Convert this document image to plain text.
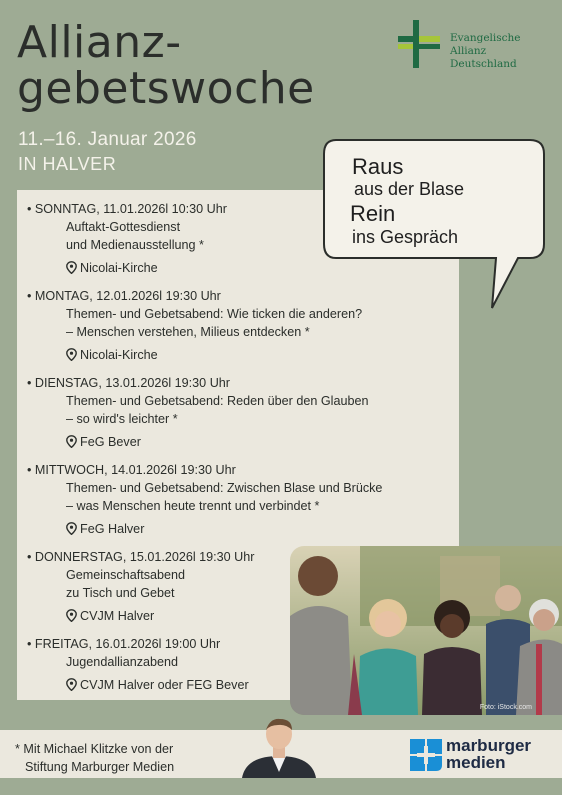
Allianz-
gebetswoche
11.–16. Januar 2026
IN HALVER
Evangelische Allianz
Deutschland
Raus
aus der Blase
Rein
ins Gespräch
• SONNTAG, 11.01.2026l 10:30 Uhr
Auftakt-Gottesdienst
und Medienausstellung *
Nicolai-Kirche
• MONTAG, 12.01.2026l 19:30 Uhr
Themen- und Gebetsabend: Wie ticken die anderen?
– Menschen verstehen, Milieus entdecken *
Nicolai-Kirche
• DIENSTAG, 13.01.2026l 19:30 Uhr
Themen- und Gebetsabend: Reden über den Glauben
– so wird's leichter *
FeG Bever
• MITTWOCH, 14.01.2026l 19:30 Uhr
Themen- und Gebetsabend: Zwischen Blase und Brücke
– was Menschen heute trennt und verbindet *
FeG Halver
• DONNERSTAG, 15.01.2026l 19:30 Uhr
Gemeinschaftsabend
zu Tisch und Gebet
CVJM Halver
• FREITAG, 16.01.2026l 19:00 Uhr
Jugendallianzabend
CVJM Halver oder FEG Bever
Foto: iStock.com
* Mit Michael Klitzke von der
Stiftung Marburger Medien
marburger
medien
